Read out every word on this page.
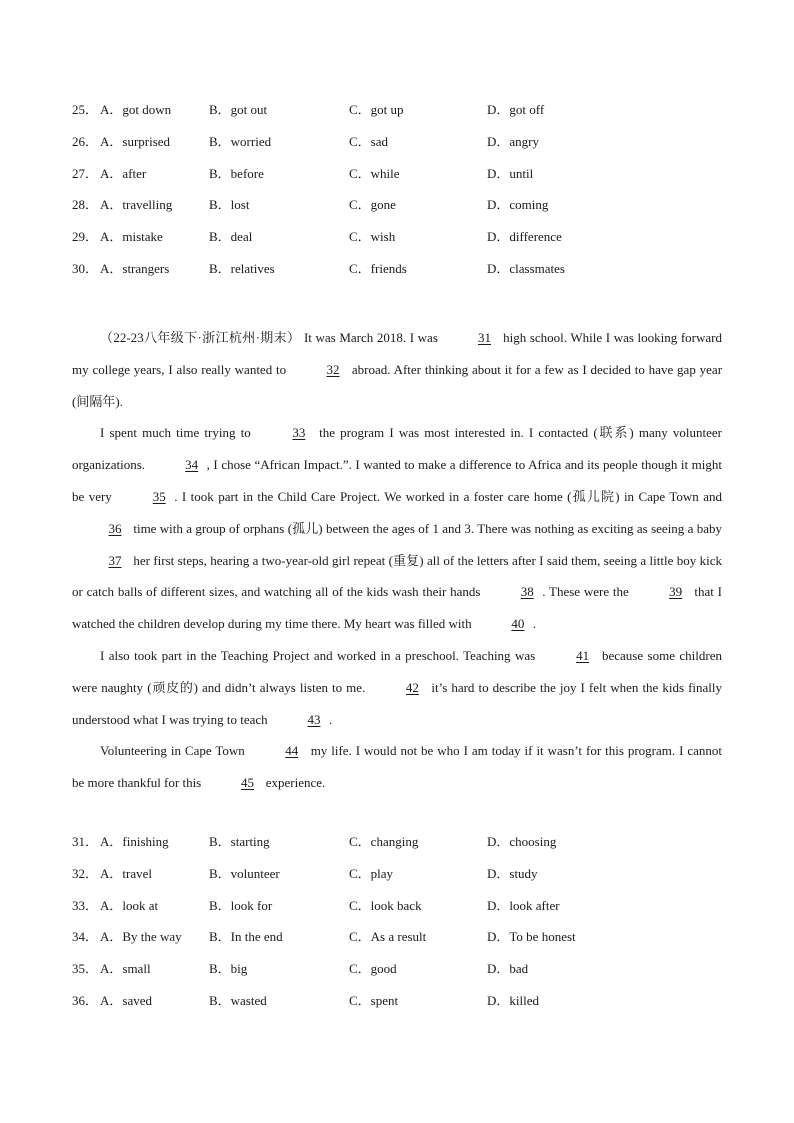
25． A．got down	B．got out	C．got up	D．got off
26． A．surprised	B．worried	C．sad	D．angry
27． A．after	B．before	C．while	D．until
28． A．travelling	B．lost	C．gone	D．coming
29． A．mistake	B．deal	C．wish	D．difference
30． A．strangers	B．relatives	C．friends	D．classmates

（22-23八年级下·浙江杭州·期末） It was March 2018. I was	31 high school. While I was looking forward my college years, I also really wanted to	32 abroad. After thinking about it for a few as I decided to have gap year (间隔年).

I spent much time trying to	33 the program I was most interested in. I contacted (联系) many volunteer organizations.	34 , I chose “African Impact.”. I wanted to make a difference to Africa and its people though it might be very	35 . I took part in the Child Care Project. We worked in a foster care home (孤儿院) in Cape Town and 36 time with a group of orphans (孤儿) between the ages of 1 and 3. There was nothing as exciting as seeing a baby 37 her first steps, hearing a two-year-old girl repeat (重复) all of the letters after I said them, seeing a little boy kick or catch balls of different sizes, and watching all of the kids wash their hands	38 . These were the	39 that I watched the children develop during my time there. My heart was filled with	40 .

I also took part in the Teaching Project and worked in a preschool. Teaching was	41 because some children were naughty (顽皮的) and didn’t always listen to me.	42 it’s hard to describe the joy I felt when the kids finally understood what I was trying to teach	43 .

Volunteering in Cape Town	44 my life. I would not be who I am today if it wasn’t for this program. I cannot be more thankful for this	45 experience.

31． A．finishing	B．starting	C．changing	D．choosing
32． A．travel	B．volunteer	C．play	D．study
33． A．look at	B．look for	C．look back	D．look after
34． A．By the way B．In the end	C．As a result	D．To be honest
35． A．small	B．big	C．good	D．bad
36． A．saved	B．wasted	C．spent	D．killed
